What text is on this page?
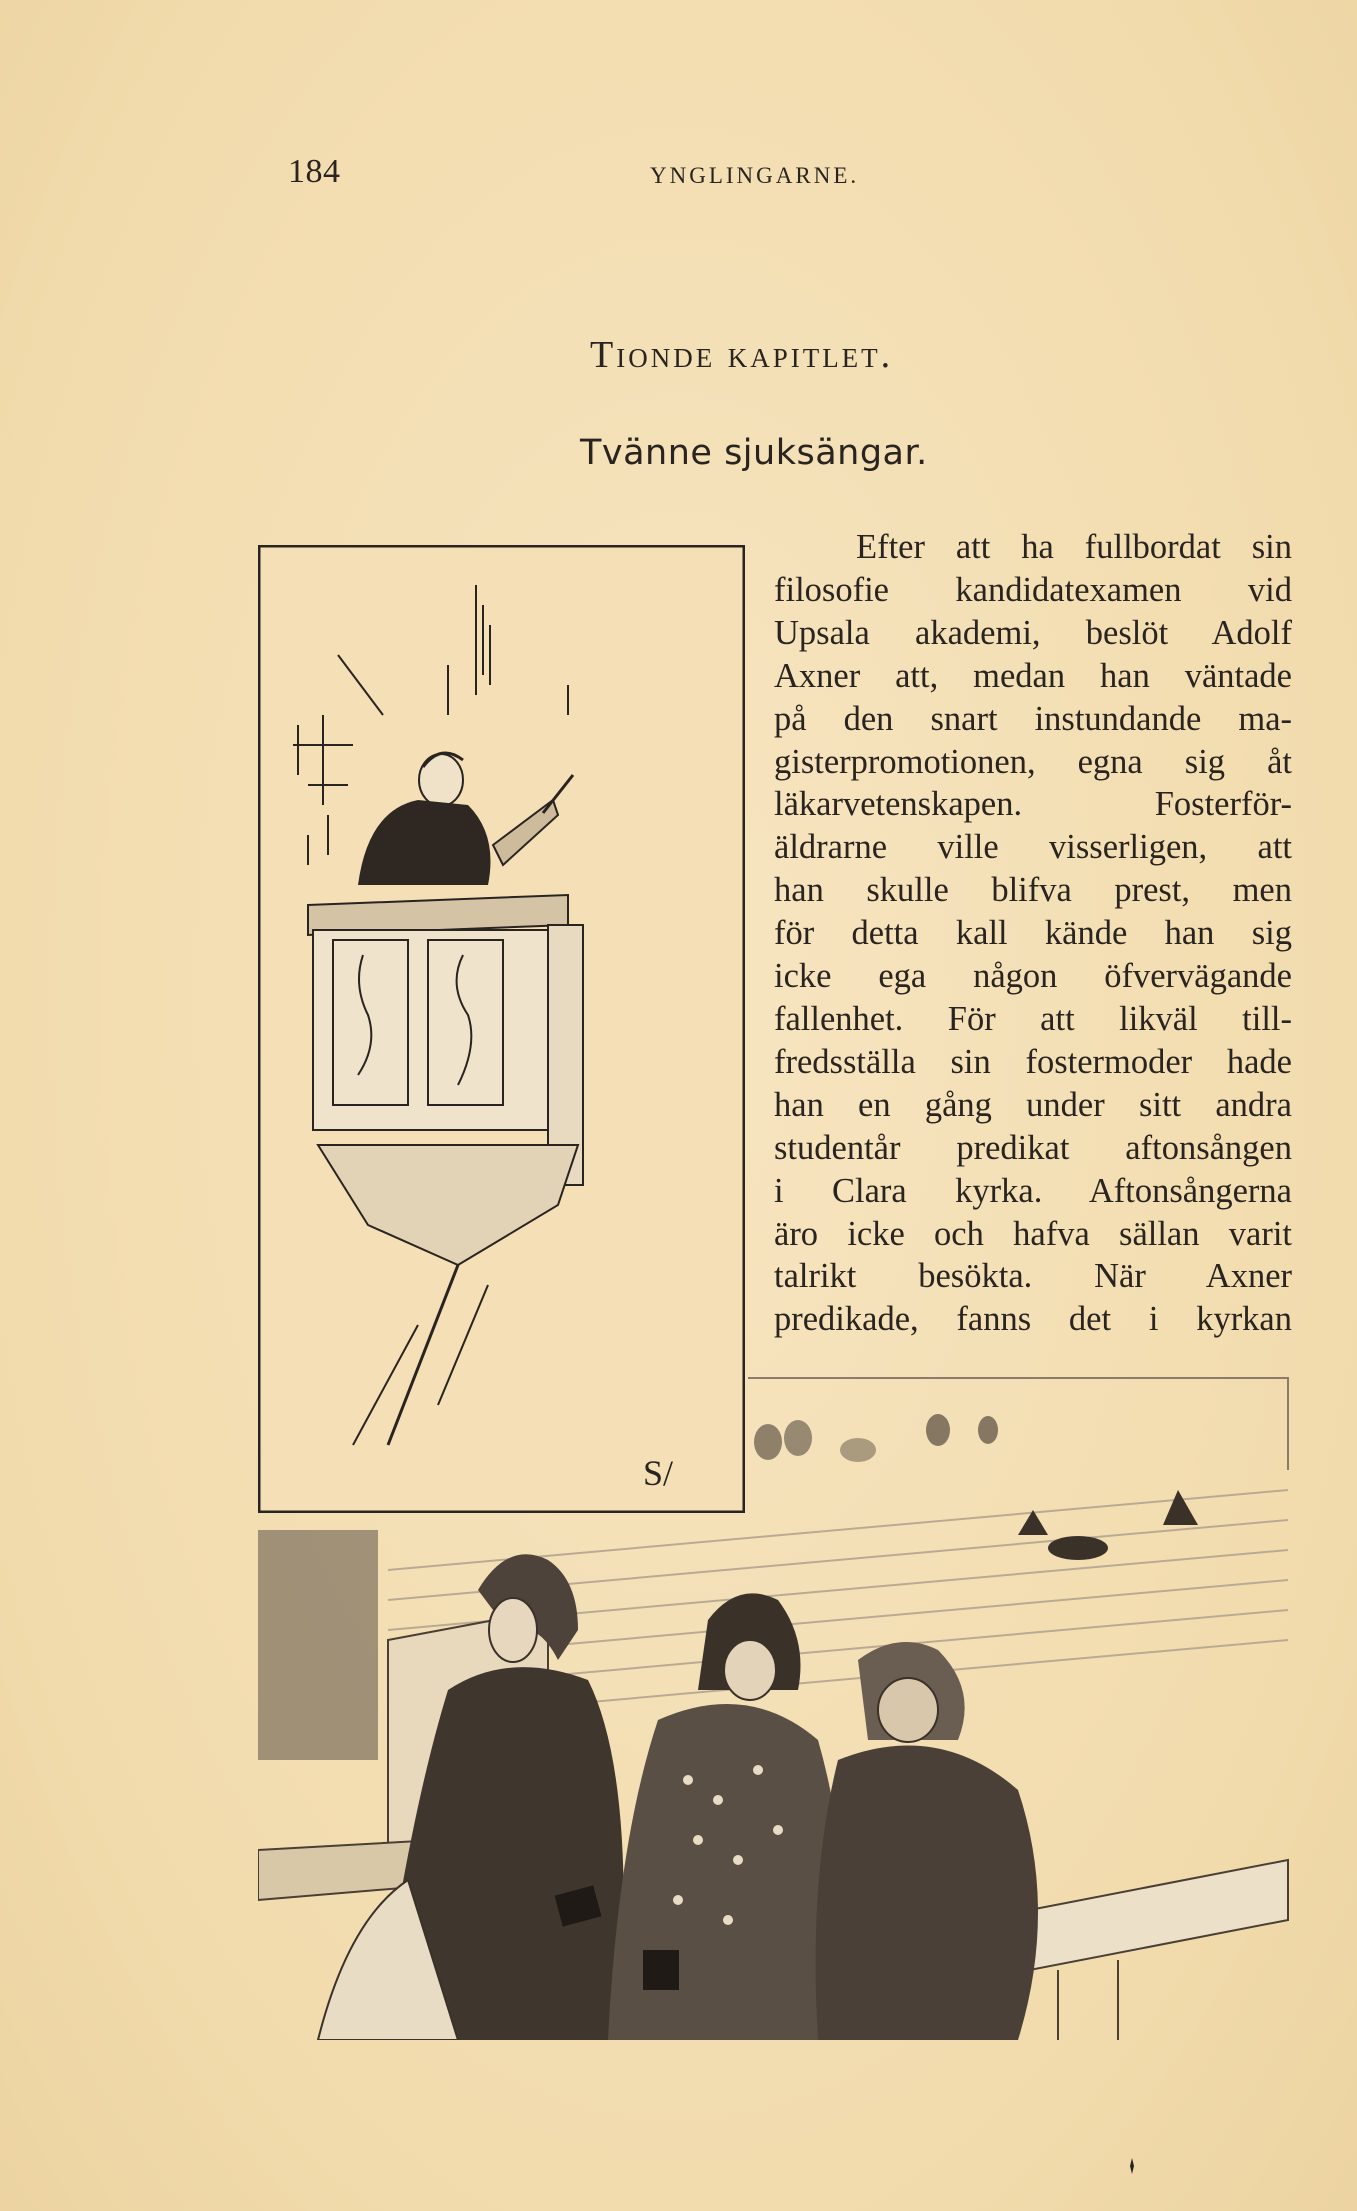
184	YNGLINGARNE.
Tionde kapitlet.
Tvänne sjuksängar.
S/
Efter att ha fullbordat sin
filosofie kandidatexamen vid
Upsala akademi, beslöt Adolf
Axner att, medan han väntade
på den snart instundande ma-
gisterpromotionen, egna sig åt
läkarvetenskapen. Fosterför-
äldrarne ville visserligen, att
han skulle blifva prest, men
för detta kall kände han sig
icke ega någon öfvervägande
fallenhet. För att likväl till-
fredsställa sin fostermoder hade
han en gång under sitt andra
studentår predikat aftonsången
i Clara kyrka. Aftonsångerna
äro icke och hafva sällan varit
talrikt besökta. När Axner
predikade, fanns det i kyrkan
